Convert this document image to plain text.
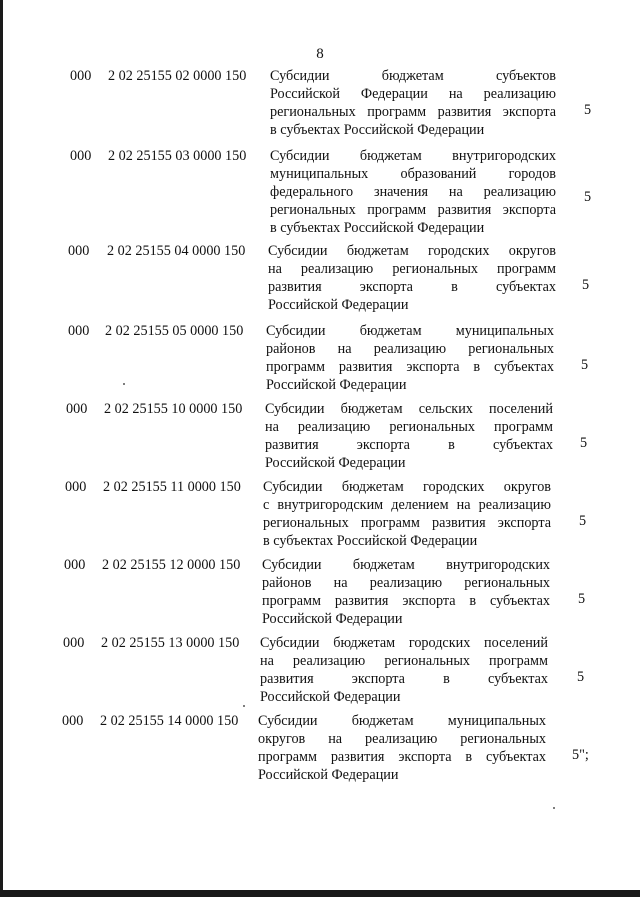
8
000 2 02 25155 02 0000 150 Субсидии бюджетам субъектов
Российской Федерации на реализацию
региональных программ развития экспорта
в субъектах Российской Федерации
5
000 2 02 25155 03 0000 150 Субсидии бюджетам внутригородских
муниципальных образований городов
федерального значения на реализацию
региональных программ развития экспорта
в субъектах Российской Федерации
5
000 2 02 25155 04 0000 150 Субсидии бюджетам городских округов
на реализацию региональных программ
развития экспорта в субъектах
Российской Федерации
5
000 2 02 25155 05 0000 150 Субсидии бюджетам муниципальных
районов на реализацию региональных
программ развития экспорта в субъектах
Российской Федерации
5
000 2 02 25155 10 0000 150 Субсидии бюджетам сельских поселений
на реализацию региональных программ
развития экспорта в субъектах
Российской Федерации
5
000 2 02 25155 11 0000 150 Субсидии бюджетам городских округов
с внутригородским делением на реализацию
региональных программ развития экспорта
в субъектах Российской Федерации
5
000 2 02 25155 12 0000 150 Субсидии бюджетам внутригородских
районов на реализацию региональных
программ развития экспорта в субъектах
Российской Федерации
5
000 2 02 25155 13 0000 150 Субсидии бюджетам городских поселений
на реализацию региональных программ
развития экспорта в субъектах
Российской Федерации
5
000 2 02 25155 14 0000 150 Субсидии бюджетам муниципальных
округов на реализацию региональных
программ развития экспорта в субъектах
Российской Федерации
5";
